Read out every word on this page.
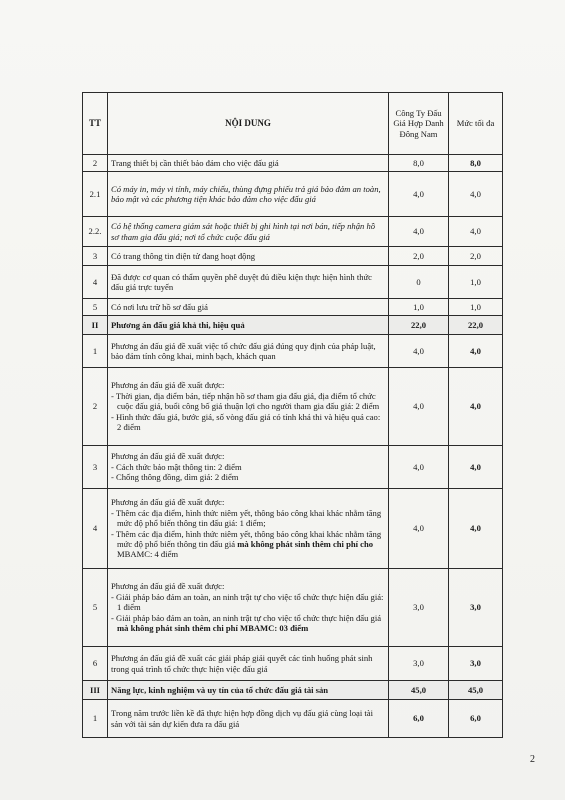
TT	NỘI DUNG	Công Ty Đấu Giá Hợp Danh Đông Nam	Mức tối đa
2	Trang thiết bị cần thiết bảo đảm cho việc đấu giá	8,0	8,0
2.1	Có máy in, máy vi tính, máy chiếu, thùng đựng phiếu trả giá bảo đảm an toàn, bảo mật và các phương tiện khác bảo đảm cho việc đấu giá	4,0	4,0
2.2.	Có hệ thống camera giám sát hoặc thiết bị ghi hình tại nơi bán, tiếp nhận hồ sơ tham gia đấu giá; nơi tổ chức cuộc đấu giá	4,0	4,0
3	Có trang thông tin điện tử đang hoạt động	2,0	2,0
4	Đã được cơ quan có thẩm quyền phê duyệt đủ điều kiện thực hiện hình thức đấu giá trực tuyến	0	1,0
5	Có nơi lưu trữ hồ sơ đấu giá	1,0	1,0
II	Phương án đấu giá khả thi, hiệu quả	22,0	22,0
1	Phương án đấu giá đề xuất việc tổ chức đấu giá đúng quy định của pháp luật, bảo đảm tính công khai, minh bạch, khách quan	4,0	4,0
2	Phương án đấu giá đề xuất được:
- Thời gian, địa điểm bán, tiếp nhận hồ sơ tham gia đấu giá, địa điểm tổ chức cuộc đấu giá, buổi công bố giá thuận lợi cho người tham gia đấu giá: 2 điểm
- Hình thức đấu giá, bước giá, số vòng đấu giá có tính khả thi và hiệu quả cao: 2 điểm	4,0	4,0
3	Phương án đấu giá đề xuất được:
- Cách thức bảo mật thông tin: 2 điểm
- Chống thông đồng, dìm giá: 2 điểm	4,0	4,0
4	Phương án đấu giá đề xuất được:
- Thêm các địa điểm, hình thức niêm yết, thông báo công khai khác nhằm tăng mức độ phổ biến thông tin đấu giá: 1 điểm;
- Thêm các địa điểm, hình thức niêm yết, thông báo công khai khác nhằm tăng mức độ phổ biến thông tin đấu giá mà không phát sinh thêm chi phí cho MBAMC: 4 điểm	4,0	4,0
5	Phương án đấu giá đề xuất được:
- Giải pháp bảo đảm an toàn, an ninh trật tự cho việc tổ chức thực hiện đấu giá: 1 điểm
- Giải pháp bảo đảm an toàn, an ninh trật tự cho việc tổ chức thực hiện đấu giá mà không phát sinh thêm chi phí MBAMC: 03 điểm	3,0	3,0
6	Phương án đấu giá đề xuất các giải pháp giải quyết các tình huống phát sinh trong quá trình tổ chức thực hiện việc đấu giá	3,0	3,0
III	Năng lực, kinh nghiệm và uy tín của tổ chức đấu giá tài sản	45,0	45,0
1	Trong năm trước liền kề đã thực hiện hợp đồng dịch vụ đấu giá cùng loại tài sản với tài sản dự kiến đưa ra đấu giá	6,0	6,0
2
